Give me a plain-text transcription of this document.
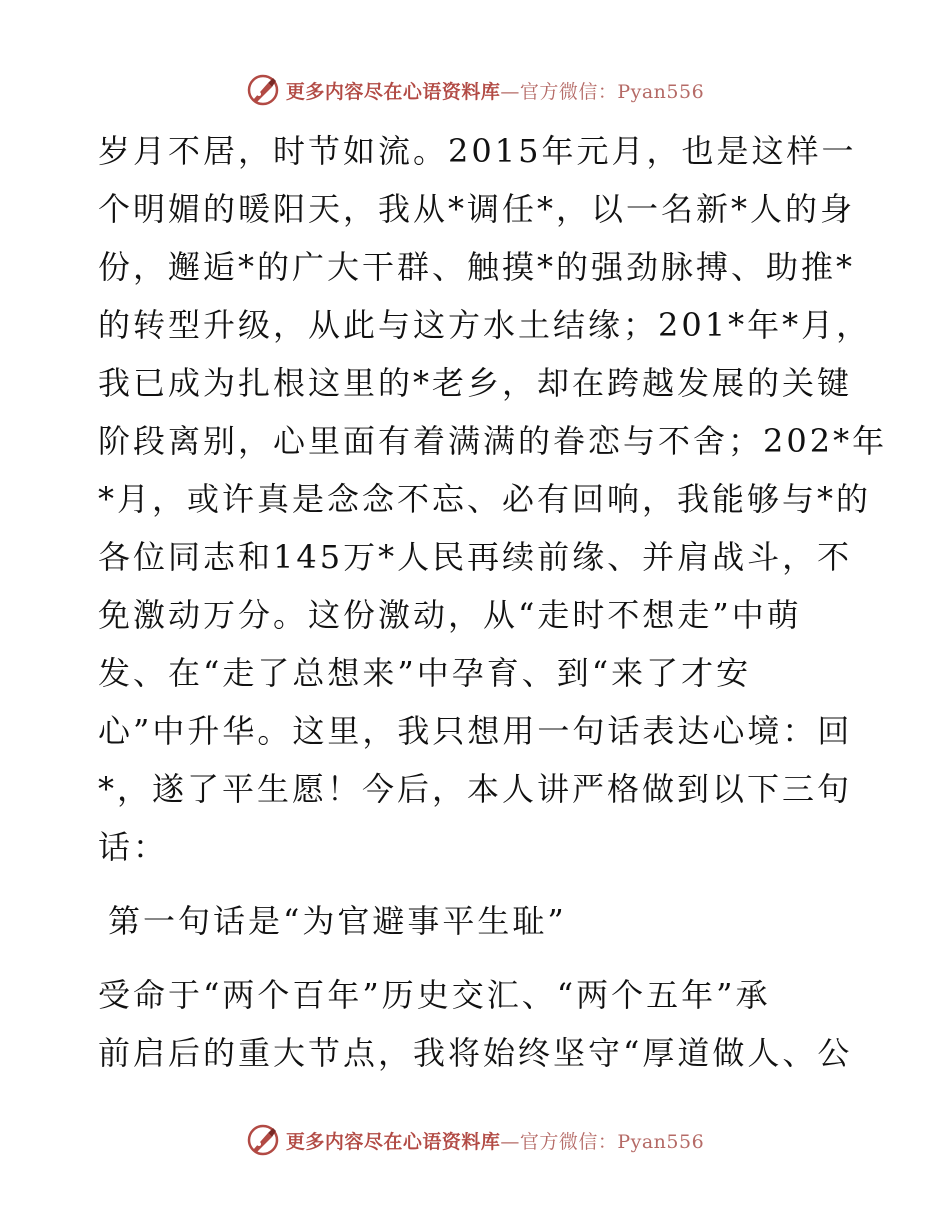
更多内容尽在心语资料库—官方微信：Pyan556

岁月不居，时节如流。2015年元月，也是这样一

个明媚的暖阳天，我从*调任*，以一名新*人的身

份，邂逅*的广大干群、触摸*的强劲脉搏、助推*

的转型升级，从此与这方水土结缘；201*年*月，

我已成为扎根这里的*老乡，却在跨越发展的关键

阶段离别，心里面有着满满的眷恋与不舍；202*年

*月，或许真是念念不忘、必有回响，我能够与*的

各位同志和145万*人民再续前缘、并肩战斗，不

免激动万分。这份激动，从“走时不想走”中萌

发、在“走了总想来”中孕育、到“来了才安

心”中升华。这里，我只想用一句话表达心境：回

*，遂了平生愿！今后，本人讲严格做到以下三句

话：

第一句话是“为官避事平生耻”

受命于“两个百年”历史交汇、“两个五年”承

前启后的重大节点，我将始终坚守“厚道做人、公

更多内容尽在心语资料库—官方微信：Pyan556
